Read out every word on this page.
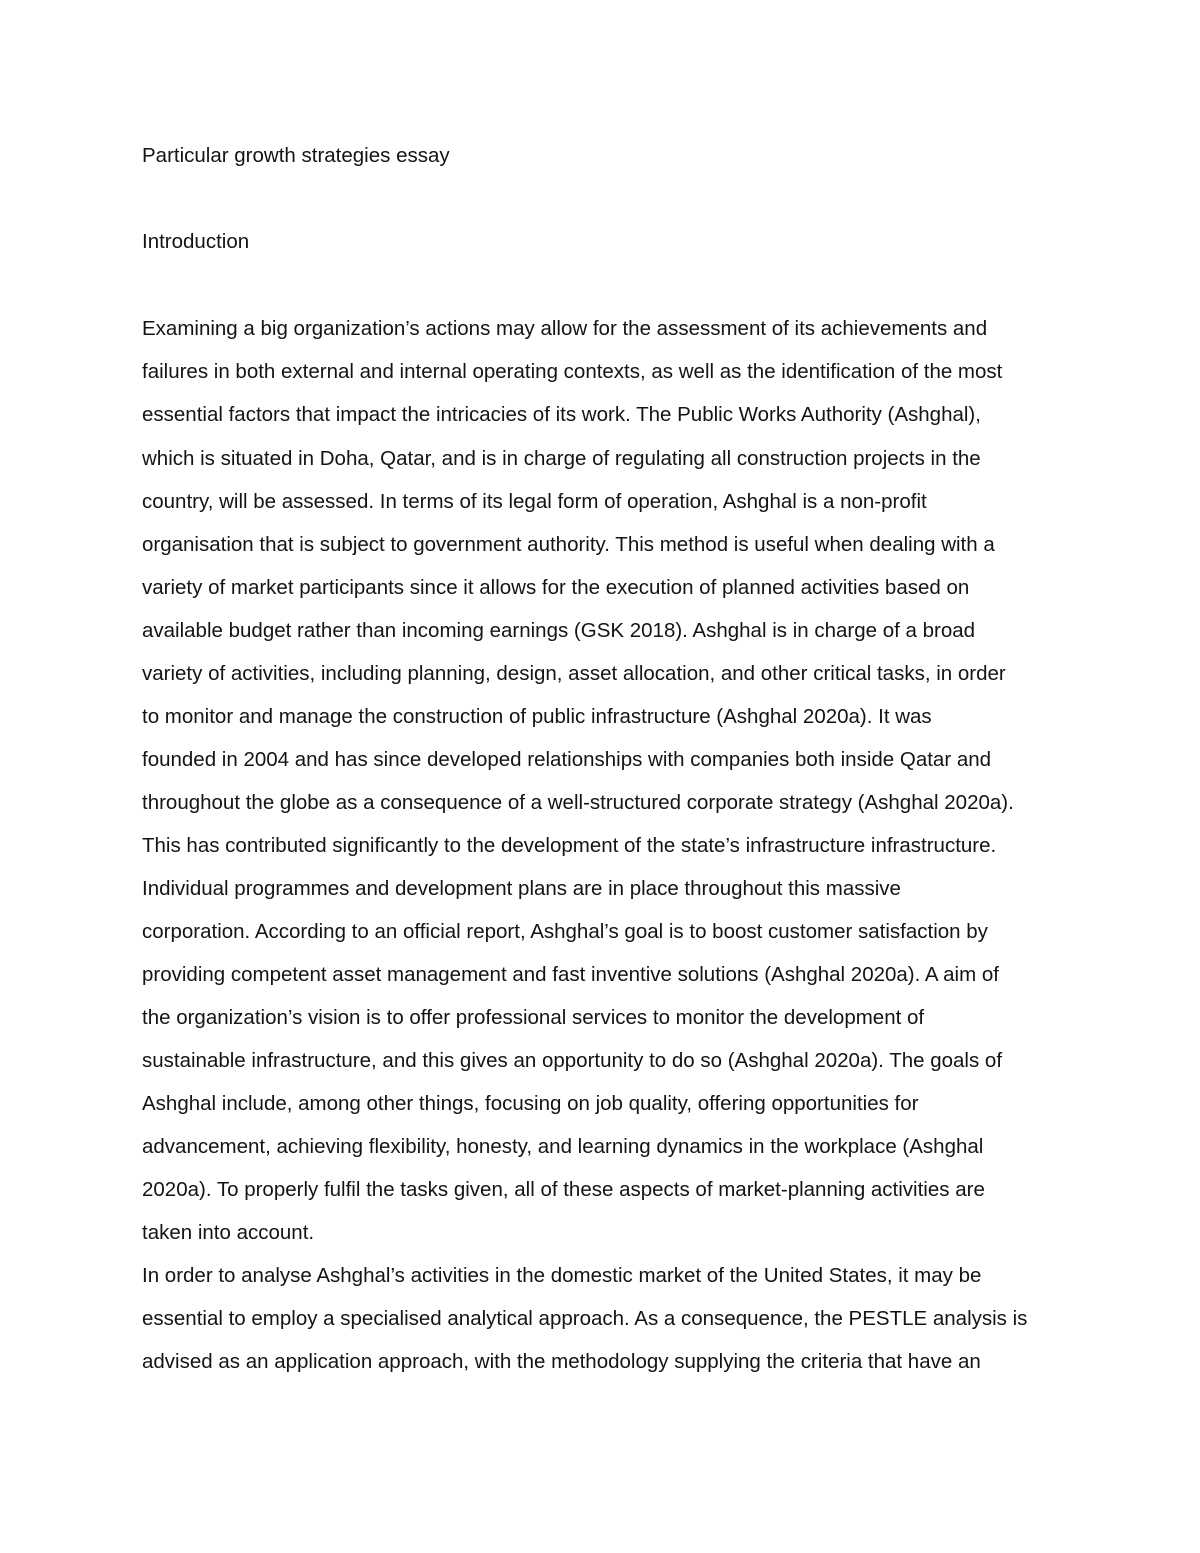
Particular growth strategies essay

Introduction

Examining a big organization’s actions may allow for the assessment of its achievements and

failures in both external and internal operating contexts, as well as the identification of the most

essential factors that impact the intricacies of its work. The Public Works Authority (Ashghal),

which is situated in Doha, Qatar, and is in charge of regulating all construction projects in the

country, will be assessed. In terms of its legal form of operation, Ashghal is a non-profit

organisation that is subject to government authority. This method is useful when dealing with a

variety of market participants since it allows for the execution of planned activities based on

available budget rather than incoming earnings (GSK 2018). Ashghal is in charge of a broad

variety of activities, including planning, design, asset allocation, and other critical tasks, in order

to monitor and manage the construction of public infrastructure (Ashghal 2020a). It was

founded in 2004 and has since developed relationships with companies both inside Qatar and

throughout the globe as a consequence of a well-structured corporate strategy (Ashghal 2020a).

This has contributed significantly to the development of the state’s infrastructure infrastructure.

Individual programmes and development plans are in place throughout this massive

corporation. According to an official report, Ashghal’s goal is to boost customer satisfaction by

providing competent asset management and fast inventive solutions (Ashghal 2020a). A aim of

the organization’s vision is to offer professional services to monitor the development of

sustainable infrastructure, and this gives an opportunity to do so (Ashghal 2020a). The goals of

Ashghal include, among other things, focusing on job quality, offering opportunities for

advancement, achieving flexibility, honesty, and learning dynamics in the workplace (Ashghal

2020a). To properly fulfil the tasks given, all of these aspects of market-planning activities are

taken into account.

In order to analyse Ashghal’s activities in the domestic market of the United States, it may be

essential to employ a specialised analytical approach. As a consequence, the PESTLE analysis is

advised as an application approach, with the methodology supplying the criteria that have an
